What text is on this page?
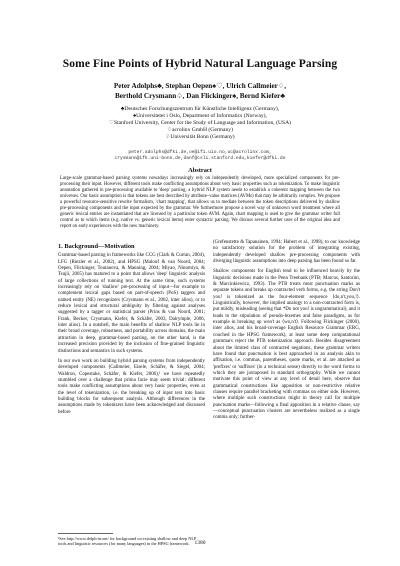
Some Fine Points of Hybrid Natural Language Parsing
Peter Adolphs♣, Stephan Oepen♠♡, Ulrich Callmeier♢,
Berthold Crysmann♤, Dan Flickinger♠, Bernd Kiefer♣
♣Deutsches Forschungszentrum für Künstliche Intelligenz (Germany),
♠Universitetet i Oslo, Department of Informatics (Norway),
♡Stanford University, Center for the Study of Language and Information, (USA)
♢acrolinx GmbH (Germany)
♤Universität Bonn (Germany)
peter.adolphs@dfki.de,oe@ifi.uio.no,uc@acrolinx.com,
crysmann@ifk.uni-bonn.de,danf@csli.stanford.edu,kiefer@dfki.de
Abstract
Large-scale grammar-based parsing systems nowadays increasingly rely on independently developed, more specialized components for pre-processing their input. However, different tools make conflicting assumptions about very basic properties such as tokenization. To make linguistic annotation gathered in pre-processing available to 'deep' parsing, a hybrid NLP system needs to establish a coherent mapping between the two universes. Our basic assumption is that tokens are best described by attribute–value matrices (AVMs) that may be arbitrarily complex. We propose a powerful resource-sensitive rewrite formalism, 'chart mapping', that allows us to mediate between the token descriptions delivered by shallow pre-processing components and the input expected by the grammar. We furthermore propose a novel way of unknown word treatment where all generic lexical entries are instantiated that are licensed by a particular token AVM. Again, chart mapping is used to give the grammar writer full control as to which items (e.g. native vs. generic lexical items) enter syntactic parsing. We discuss several further uses of the original idea and report on early experiences with the new machinery.
1. Background—Motivation

Grammar-based parsing in frameworks like CCG (Clark & Curran, 2004), LFG (Riezler et al., 2002), and HPSG (Malouf & van Noord, 2004; Oepen, Flickinger, Toutanova, & Manning, 2004; Miyao, Ninomiya, & Tsujii, 2005) has matured to a point that allows 'deep' linguistic analysis of large collections of running text. At the same time, such systems increasingly rely on 'shallow' pre-processing of input—for example to complement lexical gaps based on part-of-speech (PoS) taggers and named entity (NE) recognizers (Crysmann et al., 2002, inter alios), or to reduce lexical and structural ambiguity by filtering against analyses suggested by a tagger or statistical parser (Prins & van Noord, 2001; Frank, Becker, Crysmann, Kiefer, & Schäfer, 2003, Dalrymple, 2006, inter alios). In a nutshell, the main benefits of shallow NLP tools lie in their broad coverage, robustness, and portability across domains, the main attraction in deep, grammar-based parsing, on the other hand, is the increased precision provided by the inclusion of fine-grained linguistic distinctions and semantics in such systems.

In our own work on building hybrid parsing systems from independently developed components (Callmeier, Eisele, Schäfer, & Siegel, 2004; Waldron, Copestake, Schäfer, & Kiefer, 2006),¹ we have repeatedly stumbled over a challenge that prima facie may seem trivial: different tools make conflicting assumptions about very basic properties, even at the level of tokenization, i.e. the breaking up of input text into basic building blocks for subsequent analysis. Although differences in the assumptions made by tokenizers have been acknowledged and discussed before

¹See http://www.delph-in.net/ for background on existing shallow and deep NLP tools and linguistic resources (for many languages) in the HPSG framework.

(Grefenstette & Tapanainen, 1994; Habert et al., 1998), to our knowledge no satisfactory solution for the problem of integrating existing, independently developed shallow pre-processing components with diverging linguistic assumptions into deep parsing has been found so far.

Shallow components for English tend to be influenced heavily by the linguistic decisions made in the Penn Treebank (PTB; Marcus, Santorini, & Marcinkiewicz, 1993). The PTB treats most punctuation marks as separate tokens and breaks up contracted verb forms, e.g. the string Don't you! is tokenized as the four-element sequence ⟨do,n't,you,!⟩. Linguistically, however, the implied analogy to a non-contracted form is, put mildly, misleading (seeing that *Do not you! is ungrammatical), and it leads to the stipulation of pseudo-lexemes and false paradigms, as for example in breaking up won't as ⟨wo,n't⟩. Following Flickinger (2000), inter alios, and his broad-coverage English Resource Grammar (ERG, couched in the HPSG framework), at least some deep computational grammars reject the PTB tokenization approach. Besides disagreement about the limited class of contracted negations, these grammar writers have found that punctuation is best approached in an analysis akin to affixation, i.e. commas, parentheses, quote marks, et al. are attached as 'prefixes' or 'suffixes' (in a technical sense) directly to the word forms to which they are juxtaposed in standard orthography. While we cannot motivate this point of view at any level of detail here, observe that grammatical constructions like apposition or non-restrictive relative clauses require parallel bracketing with commas on either side. However, where multiple such constructions might in theory call for multiple punctuation marks—following a final apposition in a relative clause, say—conceptual punctuation clusters are nevertheless realized as a single comma only; further-

1380
